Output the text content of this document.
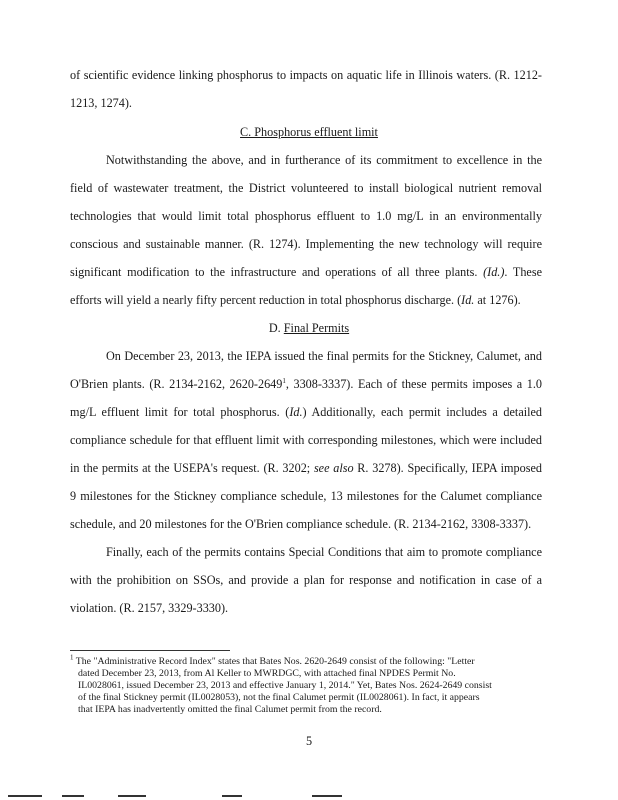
of scientific evidence linking phosphorus to impacts on aquatic life in Illinois waters. (R. 1212-
1213, 1274).
C. Phosphorus effluent limit
Notwithstanding the above, and in furtherance of its commitment to excellence in the
field of wastewater treatment, the District volunteered to install biological nutrient removal
technologies that would limit total phosphorus effluent to 1.0 mg/L in an environmentally
conscious and sustainable manner. (R. 1274). Implementing the new technology will require
significant modification to the infrastructure and operations of all three plants. (Id.). These
efforts will yield a nearly fifty percent reduction in total phosphorus discharge. (Id. at 1276).
D. Final Permits
On December 23, 2013, the IEPA issued the final permits for the Stickney, Calumet, and
O'Brien plants. (R. 2134-2162, 2620-2649$^1$, 3308-3337). Each of these permits imposes a 1.0
mg/L effluent limit for total phosphorus. (Id.) Additionally, each permit includes a detailed
compliance schedule for that effluent limit with corresponding milestones, which were included
in the permits at the USEPA's request. (R. 3202; see also R. 3278). Specifically, IEPA imposed
9 milestones for the Stickney compliance schedule, 13 milestones for the Calumet compliance
schedule, and 20 milestones for the O'Brien compliance schedule. (R. 2134-2162, 3308-3337).
Finally, each of the permits contains Special Conditions that aim to promote compliance
with the prohibition on SSOs, and provide a plan for response and notification in case of a
violation. (R. 2157, 3329-3330).
$^1$ The "Administrative Record Index" states that Bates Nos. 2620-2649 consist of the following: "Letter
dated December 23, 2013, from Al Keller to MWRDGC, with attached final NPDES Permit No.
IL0028061, issued December 23, 2013 and effective January 1, 2014." Yet, Bates Nos. 2624-2649 consist
of the final Stickney permit (IL0028053), not the final Calumet permit (IL0028061). In fact, it appears
that IEPA has inadvertently omitted the final Calumet permit from the record.
5
